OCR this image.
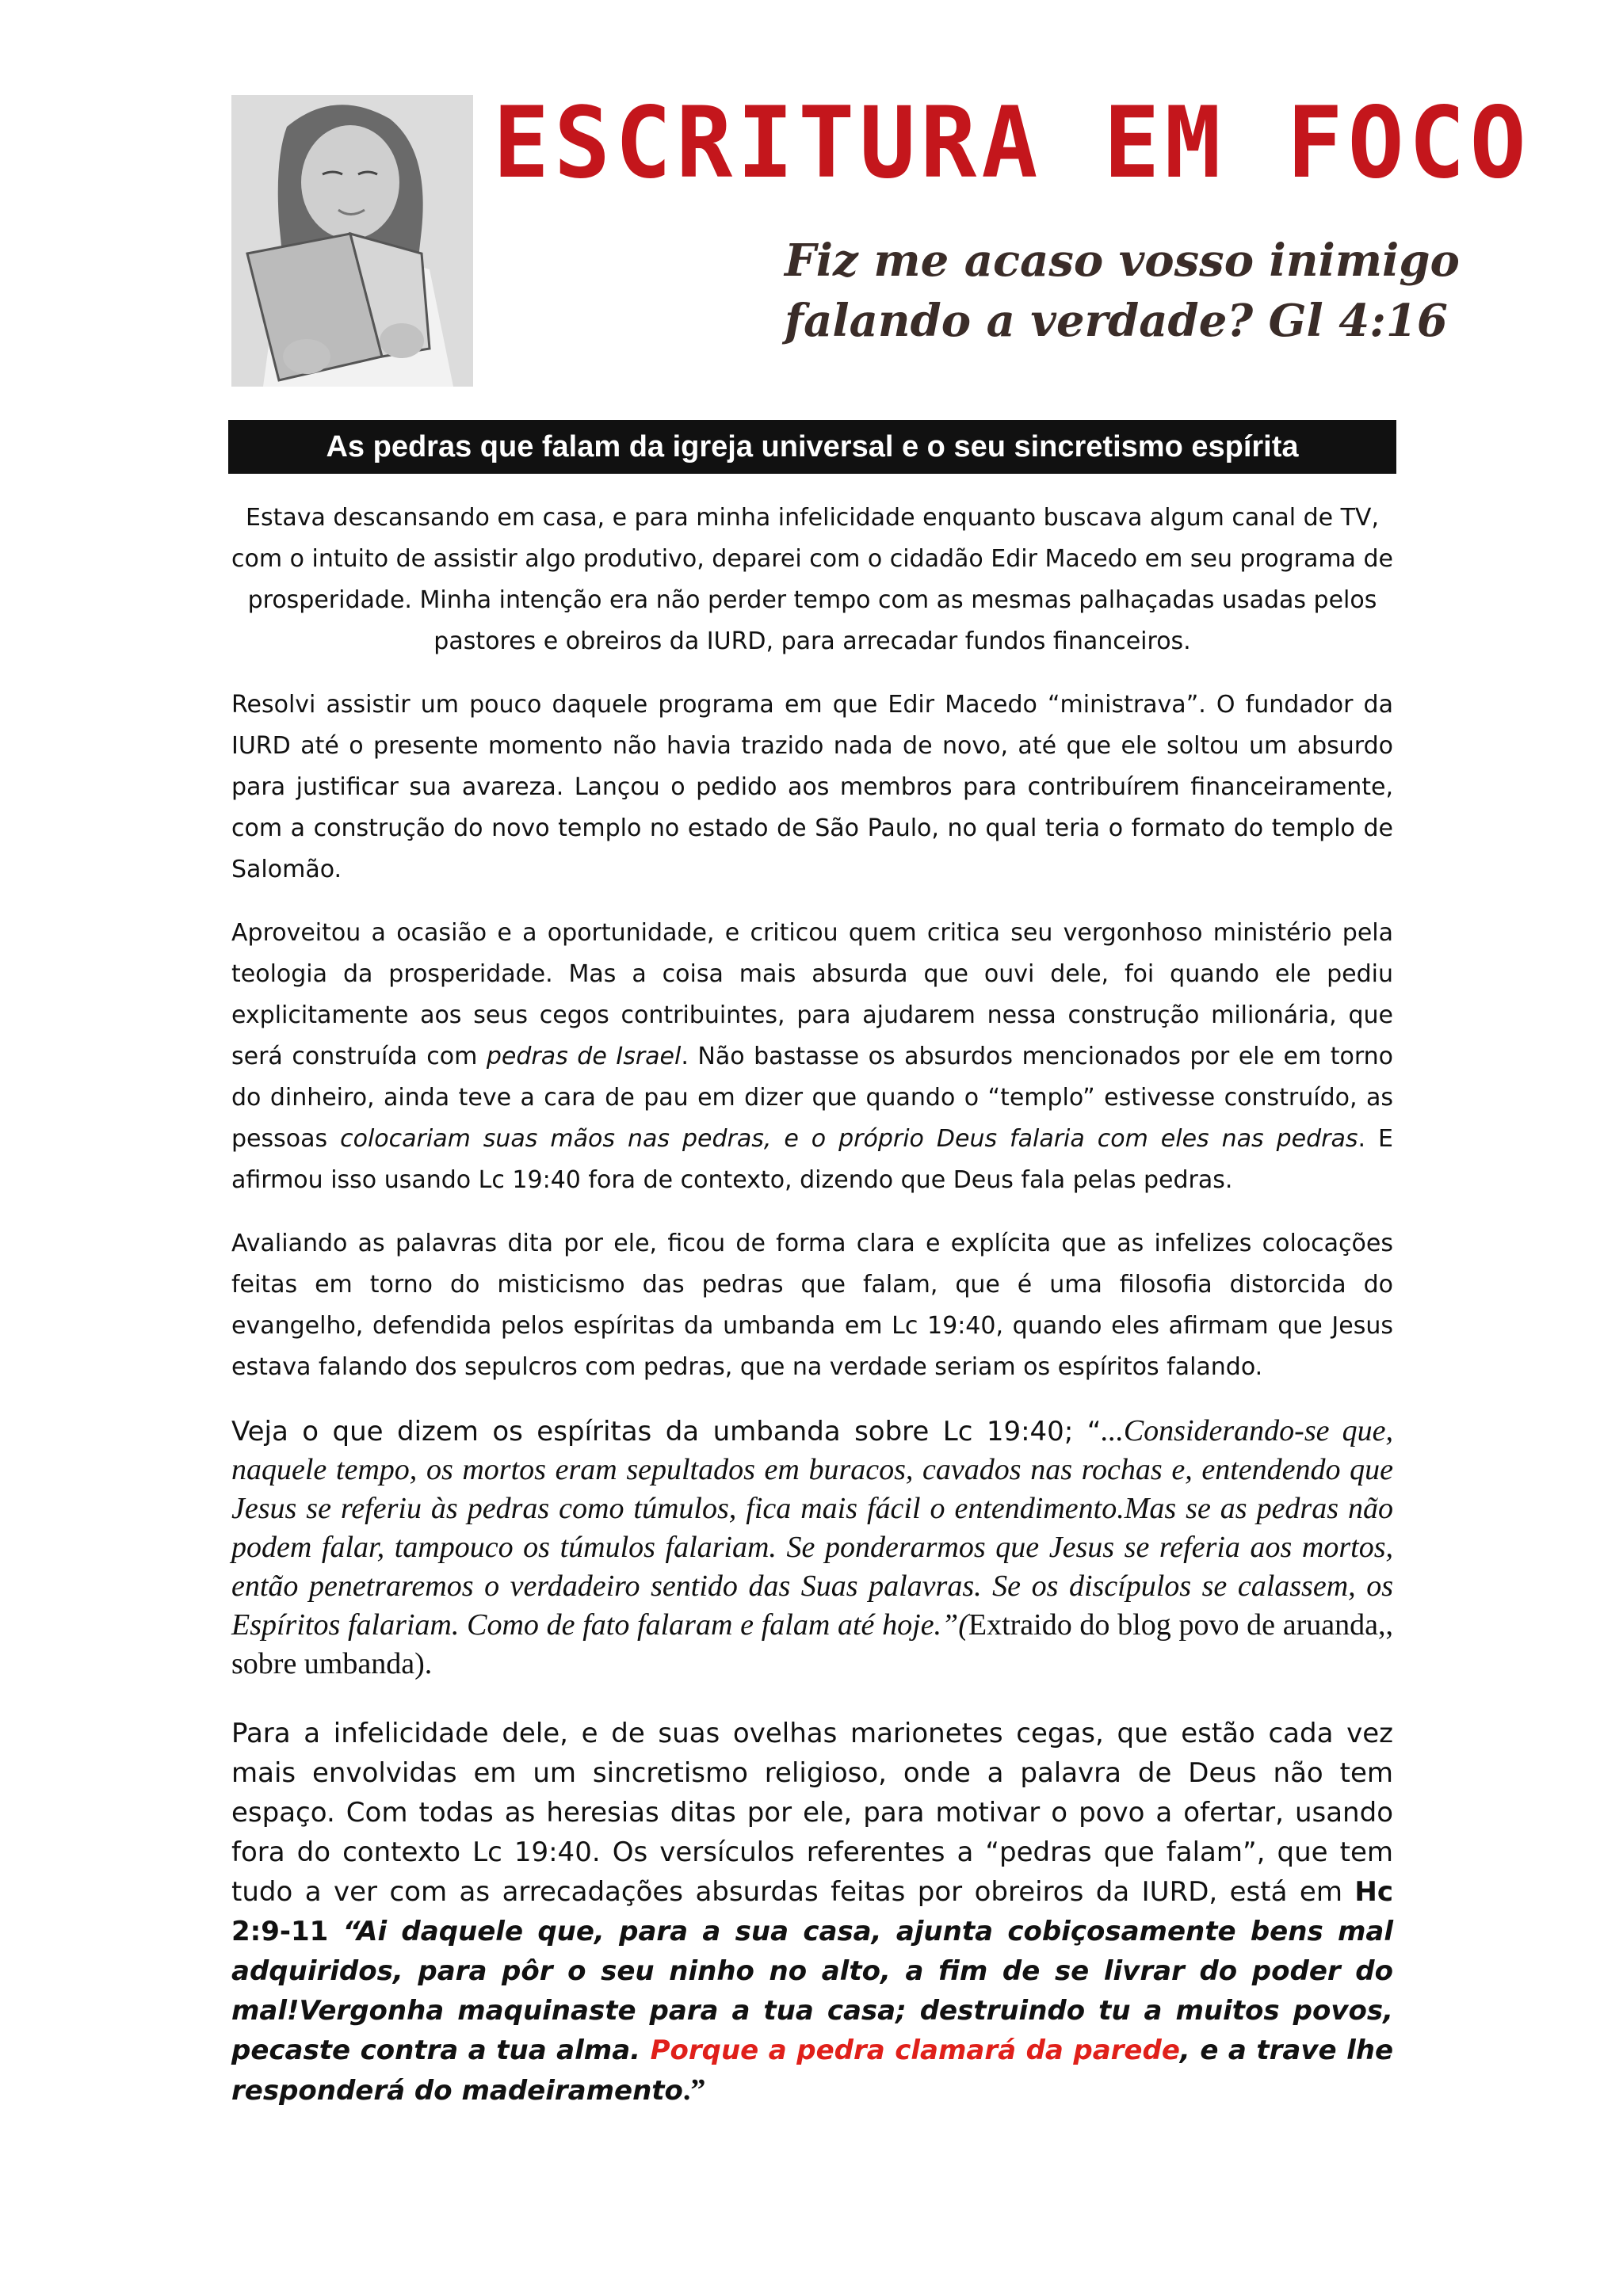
ESCRITURA EM FOCO
Fiz me acaso vosso inimigo
falando a verdade? Gl 4:16
As pedras que falam da igreja universal e o seu sincretismo espírita

Estava descansando em casa, e para minha infelicidade enquanto buscava algum canal de TV, com o intuito de assistir algo produtivo, deparei com o cidadão Edir Macedo em seu programa de prosperidade. Minha intenção era não perder tempo com as mesmas palhaçadas usadas pelos pastores e obreiros da IURD, para arrecadar fundos financeiros.

Resolvi assistir um pouco daquele programa em que Edir Macedo “ministrava”. O fundador da IURD até o presente momento não havia trazido nada de novo, até que ele soltou um absurdo para justificar sua avareza. Lançou o pedido aos membros para contribuírem financeiramente, com a construção do novo templo no estado de São Paulo, no qual teria o formato do templo de Salomão.

Aproveitou a ocasião e a oportunidade, e criticou quem critica seu vergonhoso ministério pela teologia da prosperidade. Mas a coisa mais absurda que ouvi dele, foi quando ele pediu explicitamente aos seus cegos contribuintes, para ajudarem nessa construção milionária, que será construída com pedras de Israel. Não bastasse os absurdos mencionados por ele em torno do dinheiro, ainda teve a cara de pau em dizer que quando o “templo” estivesse construído, as pessoas colocariam suas mãos nas pedras, e o próprio Deus falaria com eles nas pedras. E afirmou isso usando Lc 19:40 fora de contexto, dizendo que Deus fala pelas pedras.

Avaliando as palavras dita por ele, ficou de forma clara e explícita que as infelizes colocações feitas em torno do misticismo das pedras que falam, que é uma filosofia distorcida do evangelho, defendida pelos espíritas da umbanda em Lc 19:40, quando eles afirmam que Jesus estava falando dos sepulcros com pedras, que na verdade seriam os espíritos falando.

Veja o que dizem os espíritas da umbanda sobre Lc 19:40; “...Considerando-se que, naquele tempo, os mortos eram sepultados em buracos, cavados nas rochas e, entendendo que Jesus se referiu às pedras como túmulos, fica mais fácil o entendimento.Mas se as pedras não podem falar, tampouco os túmulos falariam. Se ponderarmos que Jesus se referia aos mortos, então penetraremos o verdadeiro sentido das Suas palavras. Se os discípulos se calassem, os Espíritos falariam. Como de fato falaram e falam até hoje.”(Extraido do blog povo de aruanda,, sobre umbanda).

Para a infelicidade dele, e de suas ovelhas marionetes cegas, que estão cada vez mais envolvidas em um sincretismo religioso, onde a palavra de Deus não tem espaço. Com todas as heresias ditas por ele, para motivar o povo a ofertar, usando fora do contexto Lc 19:40. Os versículos referentes a “pedras que falam”, que tem tudo a ver com as arrecadações absurdas feitas por obreiros da IURD, está em Hc 2:9-11 “Ai daquele que, para a sua casa, ajunta cobiçosamente bens mal adquiridos, para pôr o seu ninho no alto, a fim de se livrar do poder do mal!Vergonha maquinaste para a tua casa; destruindo tu a muitos povos, pecaste contra a tua alma. Porque a pedra clamará da parede, e a trave lhe responderá do madeiramento.”
